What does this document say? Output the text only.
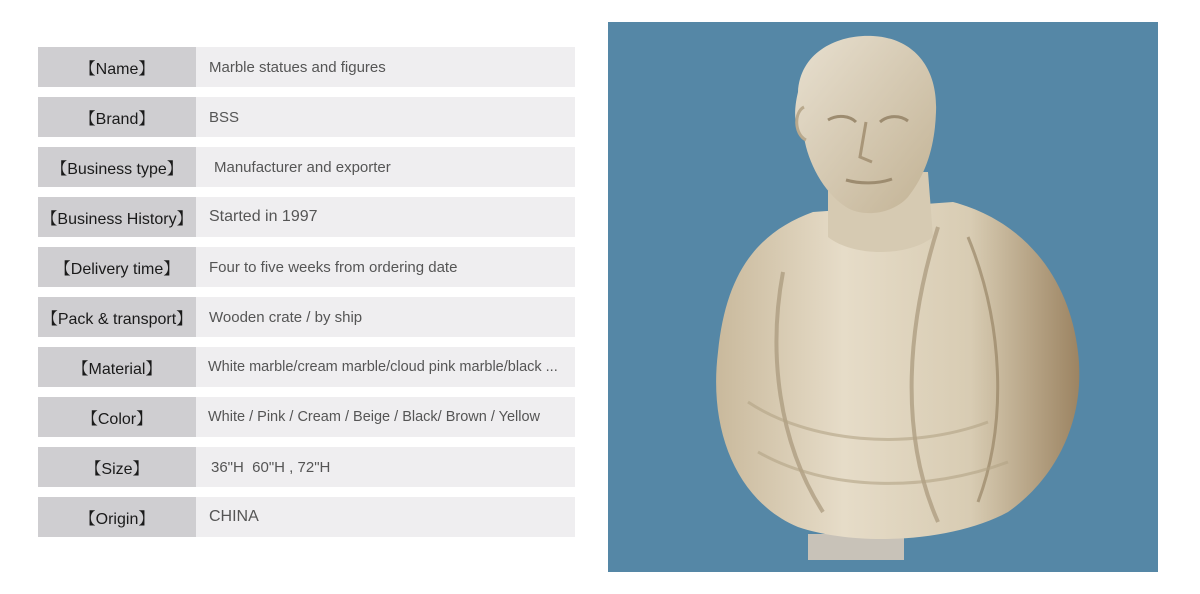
【Name】	Marble statues and figures
【Brand】	BSS
【Business type】	Manufacturer and exporter
【Business History】 Started in 1997
【Delivery time】	Four to five weeks from ordering date
【Pack & transport】 Wooden crate / by ship
【Material】	White marble/cream marble/cloud pink marble/black ...
【Color】	White / Pink / Cream / Beige / Black/ Brown / Yellow
【Size】	36"H  60"H , 72"H
【Origin】	CHINA
